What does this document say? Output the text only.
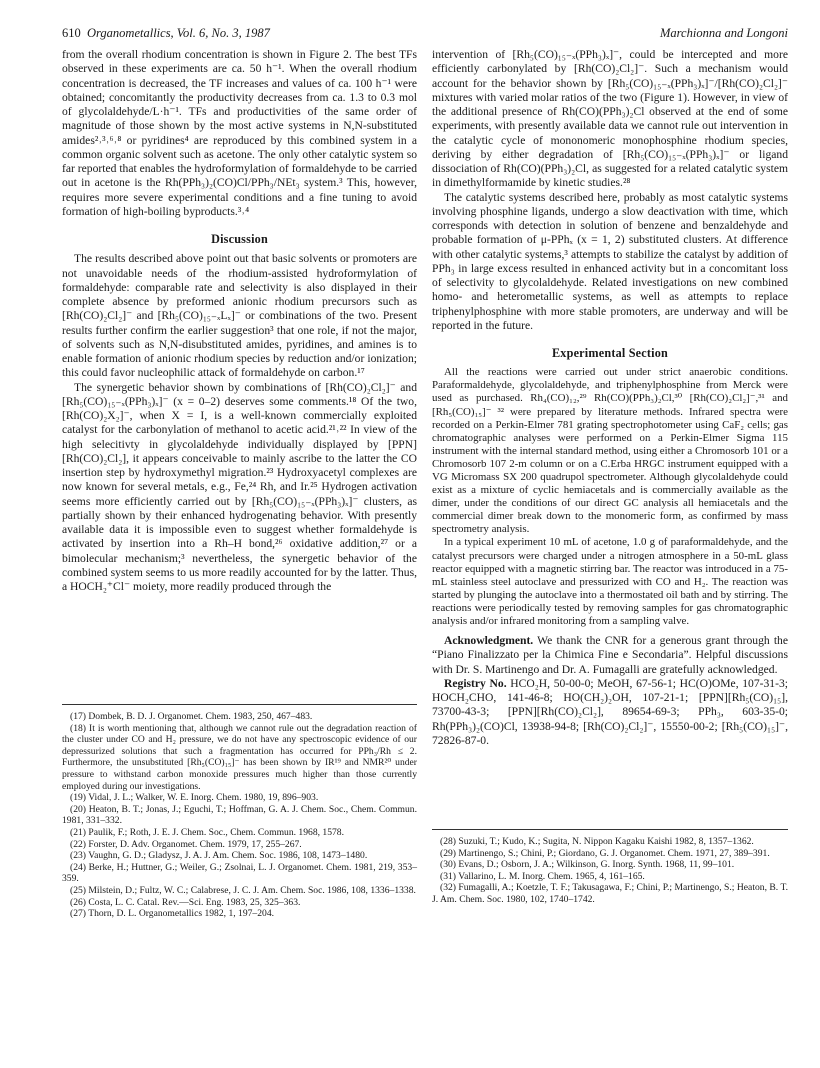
610 Organometallics, Vol. 6, No. 3, 1987	Marchionna and Longoni

from the overall rhodium concentration is shown in Figure 2. The best TFs observed in these experiments are ca. 50 h⁻¹. When the overall rhodium concentration is decreased, the TF increases and values of ca. 100 h⁻¹ were obtained; concomitantly the productivity decreases from ca. 1.3 to 0.3 mol of glycolaldehyde/L·h⁻¹. TFs and productivities of the same order of magnitude of those shown by the most active systems in N,N-substituted amides²˒³˒⁶˒⁸ or pyridines⁴ are reproduced by this combined system in a common organic solvent such as acetone. The only other catalytic system so far reported that enables the hydroformylation of formaldehyde to be carried out in acetone is the Rh(PPh₃)₂(CO)Cl/PPh₃/NEt₃ system.³ This, however, requires more severe experimental conditions and a fine tuning to avoid formation of high-boiling byproducts.³˒⁴

Discussion

The results described above point out that basic solvents or promoters are not unavoidable needs of the rhodium-assisted hydroformylation of formaldehyde: comparable rate and selectivity is also displayed in their complete absence by preformed anionic rhodium precursors such as [Rh(CO)₂Cl₂]⁻ and [Rh₅(CO)₁₅₋ₓLₓ]⁻ or combinations of the two. Present results further confirm the earlier suggestion³ that one role, if not the major, of solvents such as N,N-disubstituted amides, pyridines, and amines is to enable formation of anionic rhodium species by reduction and/or ionization; this could favor nucleophilic attack of formaldehyde on carbon.¹⁷

The synergetic behavior shown by combinations of [Rh(CO)₂Cl₂]⁻ and [Rh₅(CO)₁₅₋ₓ(PPh₃)ₓ]⁻ (x = 0–2) deserves some comments.¹⁸ Of the two, [Rh(CO)₂X₂]⁻, when X = I, is a well-known commercially exploited catalyst for the carbonylation of methanol to acetic acid.²¹˒²² In view of the high selecitivty in glycolaldehyde individually displayed by [PPN][Rh(CO)₂Cl₂], it appears conceivable to mainly ascribe to the latter the CO insertion step by hydroxymethyl migration.²³ Hydroxyacetyl complexes are now known for several metals, e.g., Fe,²⁴ Rh, and Ir.²⁵ Hydrogen activation seems more efficiently carried out by [Rh₅(CO)₁₅₋ₓ(PPh₃)ₓ]⁻ clusters, as partially shown by their enhanced hydrogenating behavior. With presently available data it is impossible even to suggest whether formaldehyde is activated by insertion into a Rh–H bond,²⁶ oxidative addition,²⁷ or a bimolecular mechanism;³ nevertheless, the synergetic behavior of the combined system seems to us more readily accounted for by the latter. Thus, a HOCH₂⁺Cl⁻ moiety, more readily produced through the

(17) Dombek, B. D. J. Organomet. Chem. 1983, 250, 467–483.
(18) It is worth mentioning that, although we cannot rule out the degradation reaction of the cluster under CO and H₂ pressure, we do not have any spectroscopic evidence of our depressurized solutions that such a fragmentation has occurred for PPh₃/Rh ≤ 2. Furthermore, the unsubstituted [Rh₅(CO)₁₅]⁻ has been shown by IR¹⁹ and NMR²⁰ under pressure to withstand carbon monoxide pressures much higher than those currently employed during our investigations.
(19) Vidal, J. L.; Walker, W. E. Inorg. Chem. 1980, 19, 896–903.
(20) Heaton, B. T.; Jonas, J.; Eguchi, T.; Hoffman, G. A. J. Chem. Soc., Chem. Commun. 1981, 331–332.
(21) Paulik, F.; Roth, J. E. J. Chem. Soc., Chem. Commun. 1968, 1578.
(22) Forster, D. Adv. Organomet. Chem. 1979, 17, 255–267.
(23) Vaughn, G. D.; Gladysz, J. A. J. Am. Chem. Soc. 1986, 108, 1473–1480.
(24) Berke, H.; Huttner, G.; Weiler, G.; Zsolnai, L. J. Organomet. Chem. 1981, 219, 353–359.
(25) Milstein, D.; Fultz, W. C.; Calabrese, J. C. J. Am. Chem. Soc. 1986, 108, 1336–1338.
(26) Costa, L. C. Catal. Rev.—Sci. Eng. 1983, 25, 325–363.
(27) Thorn, D. L. Organometallics 1982, 1, 197–204.

intervention of [Rh₅(CO)₁₅₋ₓ(PPh₃)ₓ]⁻, could be intercepted and more efficiently carbonylated by [Rh(CO)₂Cl₂]⁻. Such a mechanism would account for the behavior shown by [Rh₅(CO)₁₅₋ₓ(PPh₃)ₓ]⁻/[Rh(CO)₂Cl₂]⁻ mixtures with varied molar ratios of the two (Figure 1). However, in view of the additional presence of Rh(CO)(PPh₃)₂Cl observed at the end of some experiments, with presently available data we cannot rule out intervention in the catalytic cycle of mononomeric monophosphine rhodium species, deriving by either degradation of [Rh₅(CO)₁₅₋ₓ(PPh₃)ₓ]⁻ or ligand dissociation of Rh(CO)(PPh₃)₂Cl, as suggested for a related catalytic system in dimethylformamide by kinetic studies.²⁸

The catalytic systems described here, probably as most catalytic systems involving phosphine ligands, undergo a slow deactivation with time, which corresponds with detection in solution of benzene and benzaldehyde and probable formation of μ-PPhₓ (x = 1, 2) substituted clusters. At difference with other catalytic systems,³ attempts to stabilize the catalyst by addition of PPh₃ in large excess resulted in enhanced activity but in a concomitant loss of selectivity to glycolaldehyde. Related investigations on new combined homo- and heterometallic systems, as well as attempts to replace triphenylphosphine with more stable promoters, are underway and will be reported in the future.

Experimental Section

All the reactions were carried out under strict anaerobic conditions. Paraformaldehyde, glycolaldehyde, and triphenylphosphine from Merck were used as purchased. Rh₄(CO)₁₂,²⁹ Rh(CO)(PPh₃)₂Cl,³⁰ [Rh(CO)₂Cl₂]⁻,³¹ and [Rh₅(CO)₁₅]⁻ ³² were prepared by literature methods. Infrared spectra were recorded on a Perkin-Elmer 781 grating spectrophotometer using CaF₂ cells; gas chromatographic analyses were performed on a Perkin-Elmer Sigma 115 instrument with the internal standard method, using either a Chromosorb 101 or a Chromosorb 107 2-m column or on a C.Erba HRGC instrument equipped with a VG Micromass SX 200 quadrupol spectrometer. Although glycolaldehyde could exist as a mixture of cyclic hemiacetals and is commercially available as the dimer, under the conditions of our direct GC analysis all hemiacetals and the commercial dimer break down to the monomeric form, as confirmed by mass spectrometry analysis.

In a typical experiment 10 mL of acetone, 1.0 g of paraformaldehyde, and the catalyst precursors were charged under a nitrogen atmosphere in a 50-mL glass reactor equipped with a magnetic stirring bar. The reactor was introduced in a 75-mL stainless steel autoclave and pressurized with CO and H₂. The reaction was started by plunging the autoclave into a thermostated oil bath and by stirring. The reactions were periodically tested by removing samples for gas chromatographic analysis and/or infrared monitoring from a sampling valve.

Acknowledgment. We thank the CNR for a generous grant through the “Piano Finalizzato per la Chimica Fine e Secondaria”. Helpful discussions with Dr. S. Martinengo and Dr. A. Fumagalli are gratefully acknowledged.

Registry No. HCO₂H, 50-00-0; MeOH, 67-56-1; HC(O)OMe, 107-31-3; HOCH₂CHO, 141-46-8; HO(CH₂)₂OH, 107-21-1; [PPN][Rh₅(CO)₁₅], 73700-43-3; [PPN][Rh(CO)₂Cl₂], 89654-69-3; PPh₃, 603-35-0; Rh(PPh₃)₂(CO)Cl, 13938-94-8; [Rh(CO)₂Cl₂]⁻, 15550-00-2; [Rh₅(CO)₁₅]⁻, 72826-87-0.

(28) Suzuki, T.; Kudo, K.; Sugita, N. Nippon Kagaku Kaishi 1982, 8, 1357–1362.
(29) Martinengo, S.; Chini, P.; Giordano, G. J. Organomet. Chem. 1971, 27, 389–391.
(30) Evans, D.; Osborn, J. A.; Wilkinson, G. Inorg. Synth. 1968, 11, 99–101.
(31) Vallarino, L. M. Inorg. Chem. 1965, 4, 161–165.
(32) Fumagalli, A.; Koetzle, T. F.; Takusagawa, F.; Chini, P.; Martinengo, S.; Heaton, B. T. J. Am. Chem. Soc. 1980, 102, 1740–1742.
